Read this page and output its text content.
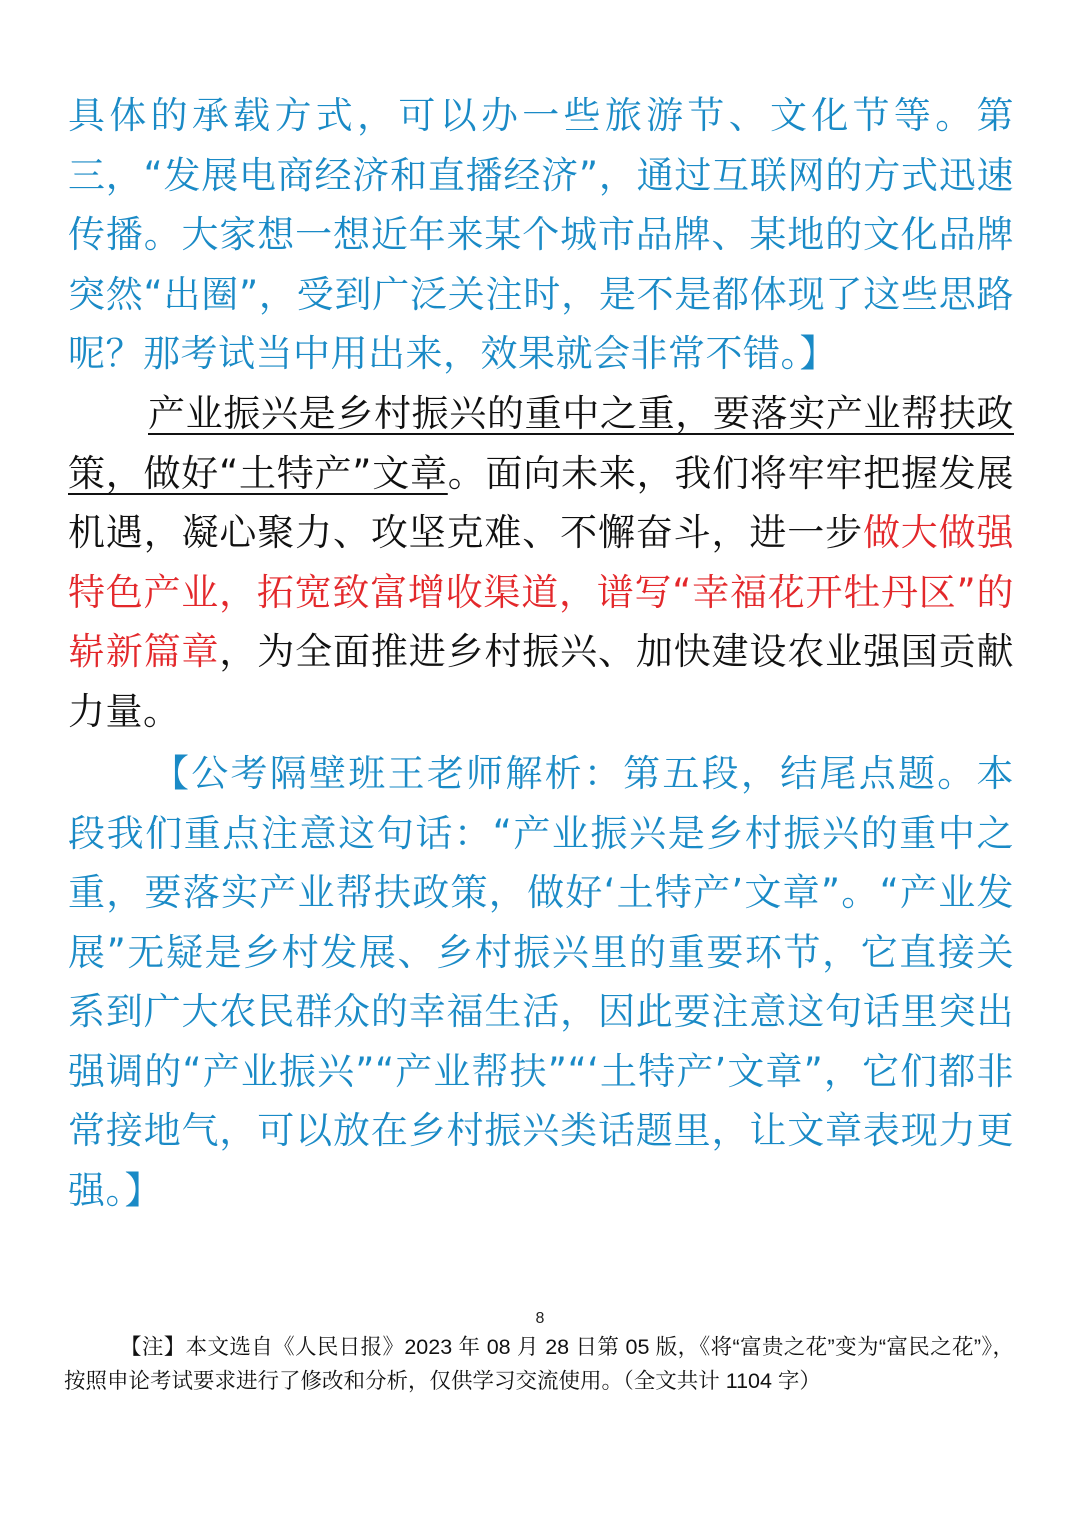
具体的承载方式，可以办一些旅游节、文化节等。第三，“发展电商经济和直播经济”，通过互联网的方式迅速传播。大家想一想近年来某个城市品牌、某地的文化品牌突然“出圈”，受到广泛关注时，是不是都体现了这些思路呢？那考试当中用出来，效果就会非常不错。】

产业振兴是乡村振兴的重中之重，要落实产业帮扶政策，做好“土特产”文章。面向未来，我们将牢牢把握发展机遇，凝心聚力、攻坚克难、不懈奋斗，进一步做大做强特色产业，拓宽致富增收渠道，谱写“幸福花开牡丹区”的崭新篇章，为全面推进乡村振兴、加快建设农业强国贡献力量。

【公考隔壁班王老师解析：第五段，结尾点题。本段我们重点注意这句话：“产业振兴是乡村振兴的重中之重，要落实产业帮扶政策，做好‘土特产’文章”。“产业发展”无疑是乡村发展、乡村振兴里的重要环节，它直接关系到广大农民群众的幸福生活，因此要注意这句话里突出强调的“产业振兴”“产业帮扶”“‘土特产’文章”，它们都非常接地气，可以放在乡村振兴类话题里，让文章表现力更强。】

8

【注】本文选自《人民日报》2023 年 08 月 28 日第 05 版，《将“富贵之花”变为“富民之花”》，按照申论考试要求进行了修改和分析，仅供学习交流使用。（全文共计 1104 字）
